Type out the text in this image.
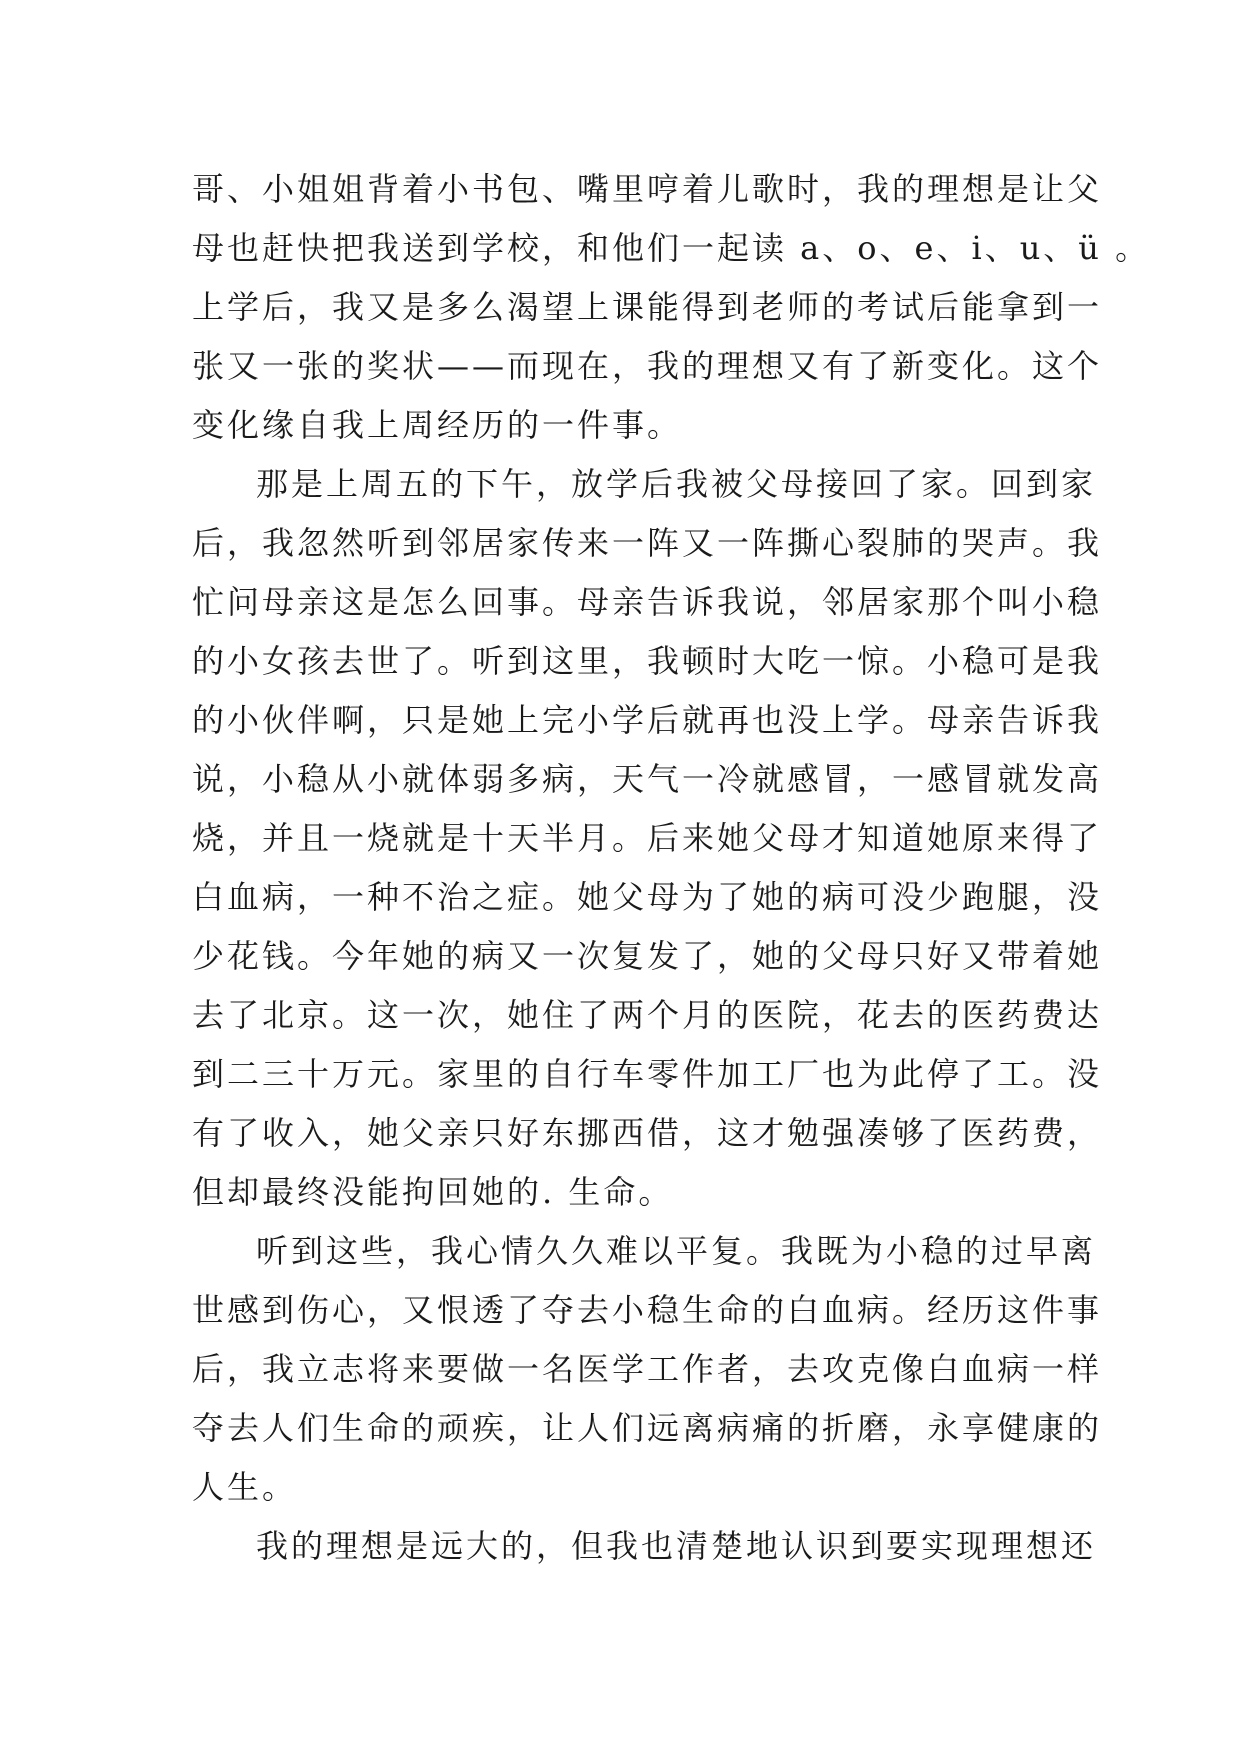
哥、小姐姐背着小书包、嘴里哼着儿歌时，我的理想是让父
母也赶快把我送到学校，和他们一起读 a、o、e、i、u、ü 。
上学后，我又是多么渴望上课能得到老师的考试后能拿到一
张又一张的奖状——而现在，我的理想又有了新变化。这个
变化缘自我上周经历的一件事。
那是上周五的下午，放学后我被父母接回了家。回到家
后，我忽然听到邻居家传来一阵又一阵撕心裂肺的哭声。我
忙问母亲这是怎么回事。母亲告诉我说，邻居家那个叫小稳
的小女孩去世了。听到这里，我顿时大吃一惊。小稳可是我
的小伙伴啊，只是她上完小学后就再也没上学。母亲告诉我
说，小稳从小就体弱多病，天气一冷就感冒，一感冒就发高
烧，并且一烧就是十天半月。后来她父母才知道她原来得了
白血病，一种不治之症。她父母为了她的病可没少跑腿，没
少花钱。今年她的病又一次复发了，她的父母只好又带着她
去了北京。这一次，她住了两个月的医院，花去的医药费达
到二三十万元。家里的自行车零件加工厂也为此停了工。没
有了收入，她父亲只好东挪西借，这才勉强凑够了医药费，
但却最终没能拘回她的. 生命。
听到这些，我心情久久难以平复。我既为小稳的过早离
世感到伤心，又恨透了夺去小稳生命的白血病。经历这件事
后，我立志将来要做一名医学工作者，去攻克像白血病一样
夺去人们生命的顽疾，让人们远离病痛的折磨，永享健康的
人生。
我的理想是远大的，但我也清楚地认识到要实现理想还
